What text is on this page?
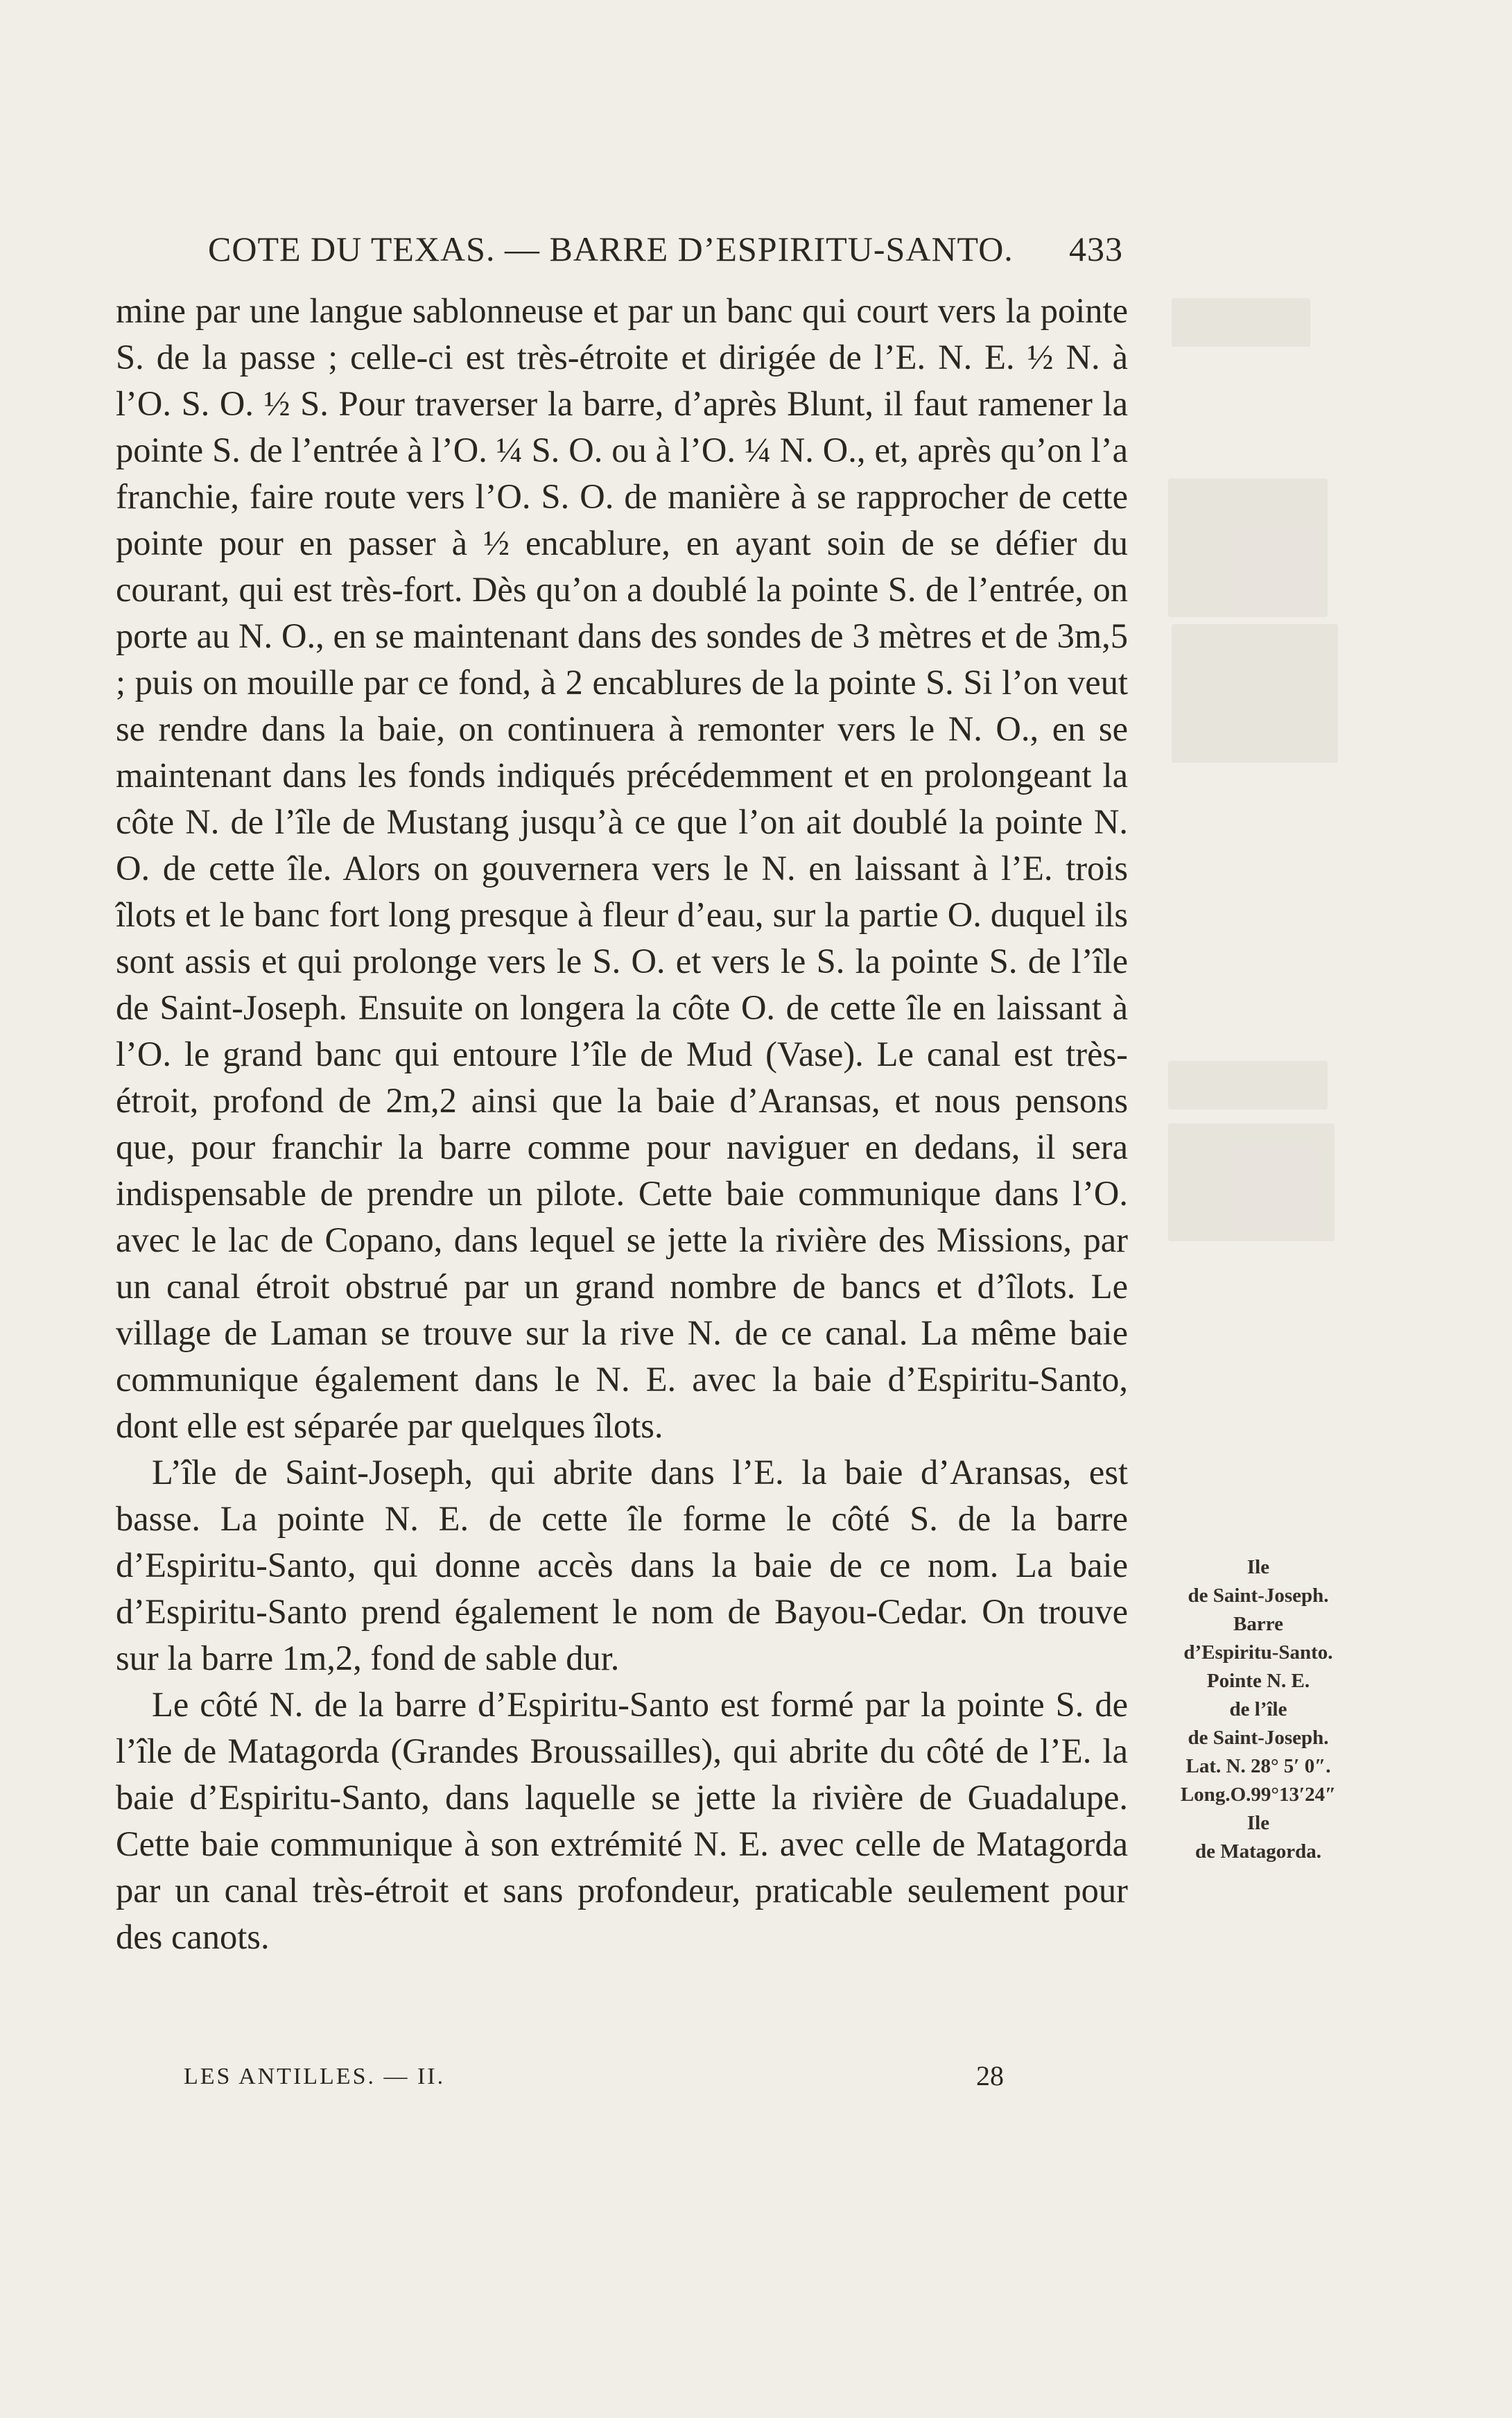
COTE DU TEXAS. — BARRE D’ESPIRITU-SANTO. 433

mine par une langue sablonneuse et par un banc qui court vers la pointe S. de la passe ; celle-ci est très-étroite et dirigée de l’E. N. E. ½ N. à l’O. S. O. ½ S. Pour traverser la barre, d’après Blunt, il faut ramener la pointe S. de l’entrée à l’O. ¼ S. O. ou à l’O. ¼ N. O., et, après qu’on l’a franchie, faire route vers l’O. S. O. de manière à se rapprocher de cette pointe pour en passer à ½ encablure, en ayant soin de se défier du courant, qui est très-fort. Dès qu’on a doublé la pointe S. de l’entrée, on porte au N. O., en se maintenant dans des sondes de 3 mètres et de 3m,5 ; puis on mouille par ce fond, à 2 encablures de la pointe S. Si l’on veut se rendre dans la baie, on continuera à remonter vers le N. O., en se maintenant dans les fonds indiqués précédemment et en prolongeant la côte N. de l’île de Mustang jusqu’à ce que l’on ait doublé la pointe N. O. de cette île. Alors on gouvernera vers le N. en laissant à l’E. trois îlots et le banc fort long presque à fleur d’eau, sur la partie O. duquel ils sont assis et qui prolonge vers le S. O. et vers le S. la pointe S. de l’île de Saint-Joseph. Ensuite on longera la côte O. de cette île en laissant à l’O. le grand banc qui entoure l’île de Mud (Vase). Le canal est très-étroit, profond de 2m,2 ainsi que la baie d’Aransas, et nous pensons que, pour franchir la barre comme pour naviguer en dedans, il sera indispensable de prendre un pilote. Cette baie communique dans l’O. avec le lac de Copano, dans lequel se jette la rivière des Missions, par un canal étroit obstrué par un grand nombre de bancs et d’îlots. Le village de Laman se trouve sur la rive N. de ce canal. La même baie communique également dans le N. E. avec la baie d’Espiritu-Santo, dont elle est séparée par quelques îlots.

L’île de Saint-Joseph, qui abrite dans l’E. la baie d’Aransas, est basse. La pointe N. E. de cette île forme le côté S. de la barre d’Espiritu-Santo, qui donne accès dans la baie de ce nom. La baie d’Espiritu-Santo prend également le nom de Bayou-Cedar. On trouve sur la barre 1m,2, fond de sable dur.

Le côté N. de la barre d’Espiritu-Santo est formé par la pointe S. de l’île de Matagorda (Grandes Broussailles), qui abrite du côté de l’E. la baie d’Espiritu-Santo, dans laquelle se jette la rivière de Guadalupe. Cette baie communique à son extrémité N. E. avec celle de Matagorda par un canal très-étroit et sans profondeur, praticable seulement pour des canots.

Ile
de Saint-Joseph.
Barre
d’Espiritu-Santo.
Pointe N. E.
de l’île
de Saint-Joseph.
Lat. N. 28° 5′ 0″.
Long.O.99°13′24″
Ile
de Matagorda.
LES ANTILLES. — II.	28
